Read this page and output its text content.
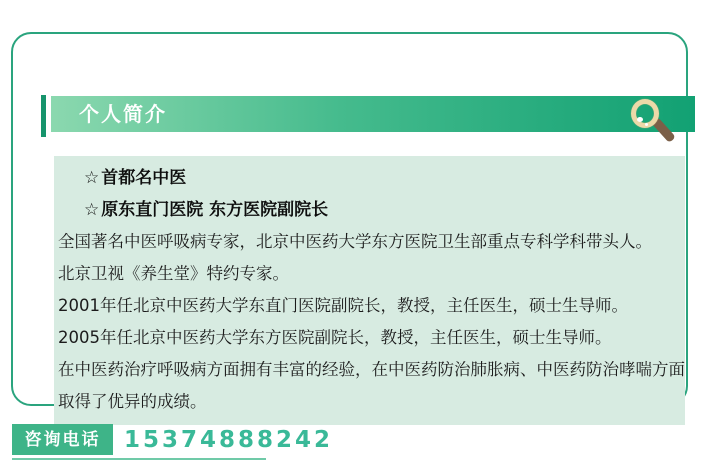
个人简介
☆ 首都名中医
☆ 原东直门医院 东方医院副院长
全国著名中医呼吸病专家，北京中医药大学东方医院卫生部重点专科学科带头人。
北京卫视《养生堂》特约专家。
2001年任北京中医药大学东直门医院副院长，教授，主任医生，硕士生导师。
2005年任北京中医药大学东方医院副院长，教授，主任医生，硕士生导师。
在中医药治疗呼吸病方面拥有丰富的经验，在中医药防治肺胀病、中医药防治哮喘方面
取得了优异的成绩。
咨询电话	15374888242
